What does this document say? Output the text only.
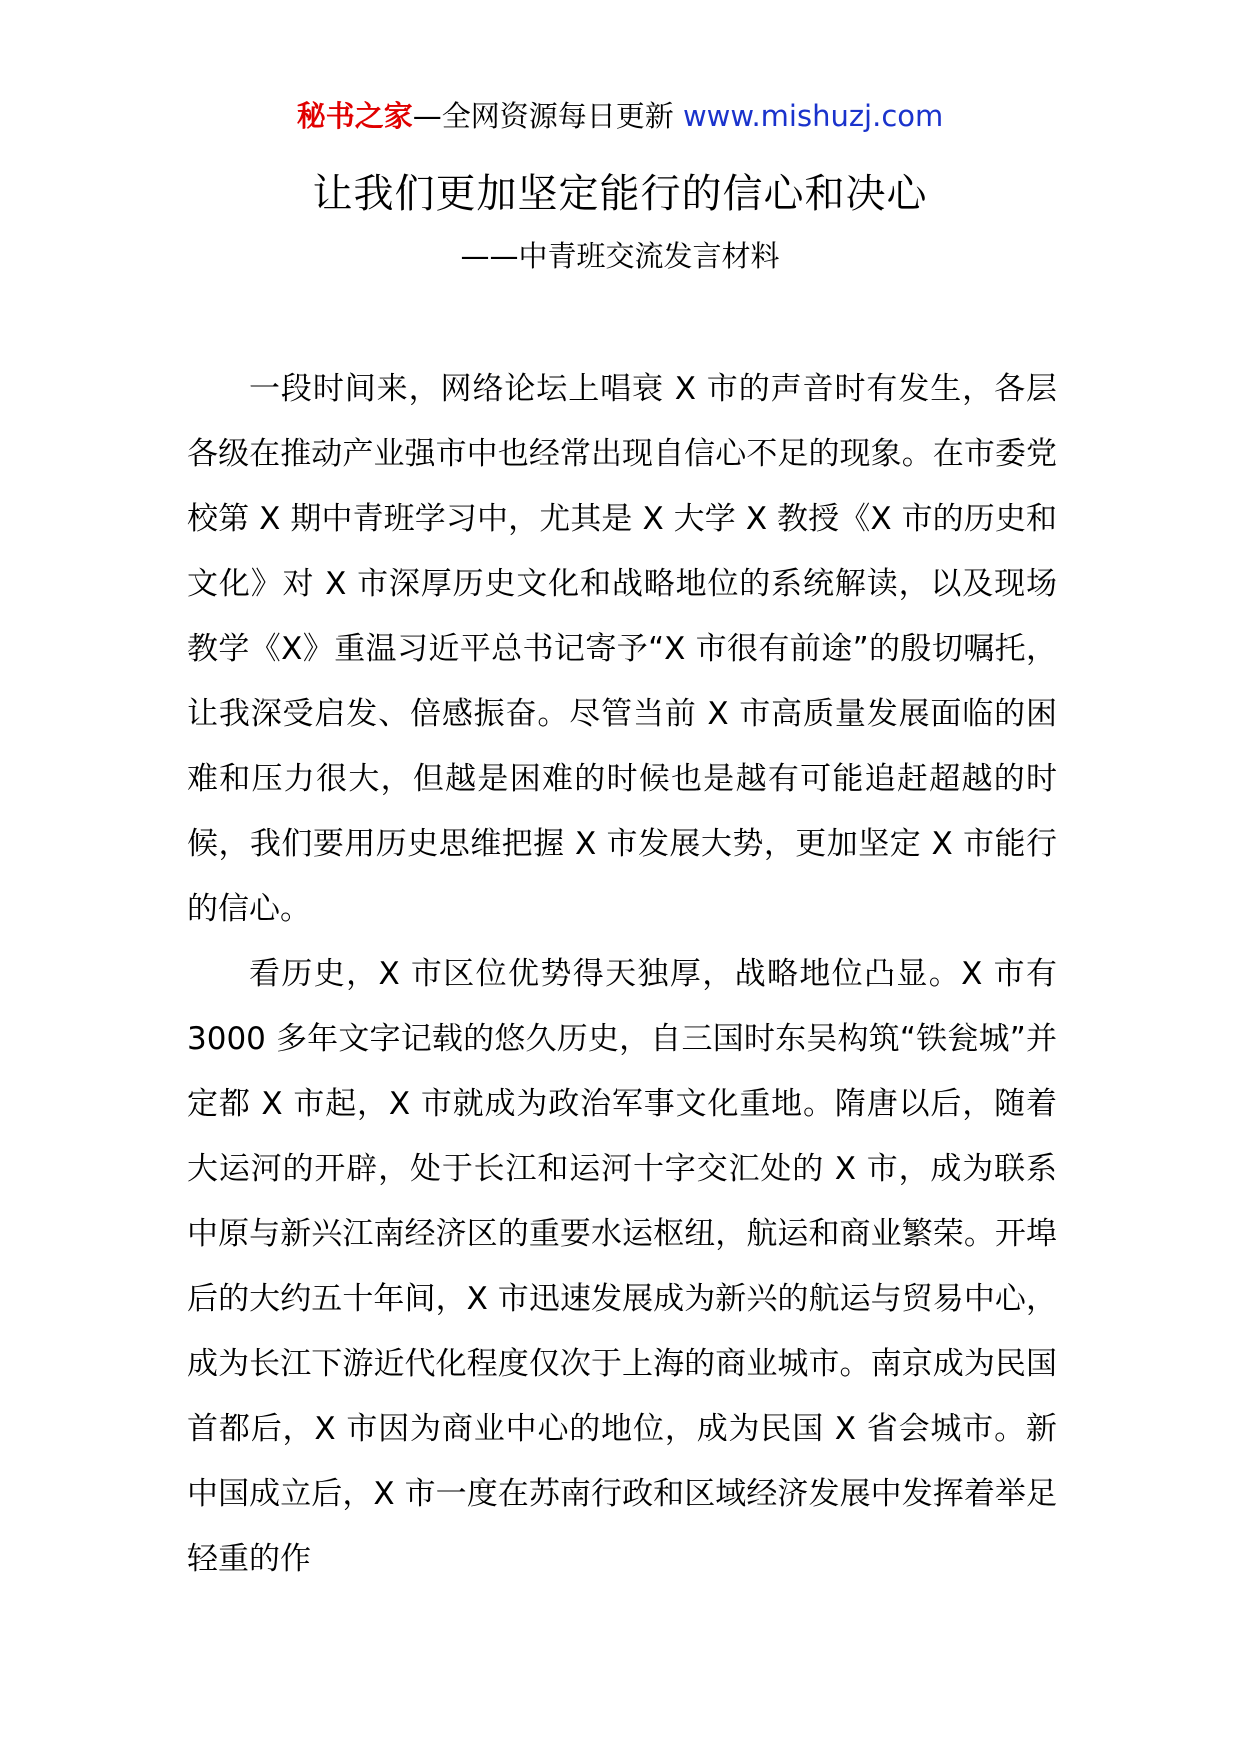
秘书之家—全网资源每日更新 www.mishuzj.com
让我们更加坚定能行的信心和决心
——中青班交流发言材料

一段时间来，网络论坛上唱衰 X 市的声音时有发生，各层各级在推动产业强市中也经常出现自信心不足的现象。在市委党校第 X 期中青班学习中，尤其是 X 大学 X 教授《X 市的历史和文化》对 X 市深厚历史文化和战略地位的系统解读，以及现场教学《X》重温习近平总书记寄予“X 市很有前途”的殷切嘱托，让我深受启发、倍感振奋。尽管当前 X 市高质量发展面临的困难和压力很大，但越是困难的时候也是越有可能追赶超越的时候，我们要用历史思维把握 X 市发展大势，更加坚定 X 市能行的信心。

看历史，X 市区位优势得天独厚，战略地位凸显。X 市有 3000 多年文字记载的悠久历史，自三国时东吴构筑“铁瓮城”并定都 X 市起，X 市就成为政治军事文化重地。隋唐以后，随着大运河的开辟，处于长江和运河十字交汇处的 X 市，成为联系中原与新兴江南经济区的重要水运枢纽，航运和商业繁荣。开埠后的大约五十年间，X 市迅速发展成为新兴的航运与贸易中心，成为长江下游近代化程度仅次于上海的商业城市。南京成为民国首都后，X 市因为商业中心的地位，成为民国 X 省会城市。新中国成立后，X 市一度在苏南行政和区域经济发展中发挥着举足轻重的作
